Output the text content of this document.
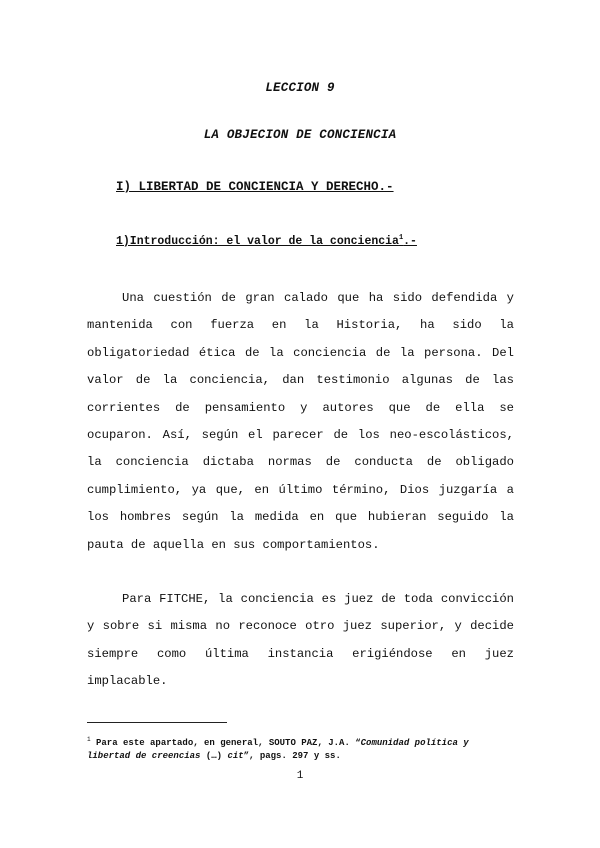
LECCION 9
LA OBJECION DE CONCIENCIA
I) LIBERTAD DE CONCIENCIA Y DERECHO.-
1)Introducción: el valor de la conciencia$^1$.-

Una cuestión de gran calado que ha sido defendida y mantenida con fuerza en la Historia, ha sido la obligatoriedad ética de la conciencia de la persona. Del valor de la conciencia, dan testimonio algunas de las corrientes de pensamiento y autores que de ella se ocuparon. Así, según el parecer de los neo-escolásticos, la conciencia dictaba normas de conducta de obligado cumplimiento, ya que, en último término, Dios juzgaría a los hombres según la medida en que hubieran seguido la pauta de aquella en sus comportamientos.

Para FITCHE, la conciencia es juez de toda convicción y sobre si misma no reconoce otro juez superior, y decide siempre como última instancia erigiéndose en juez implacable.

$^1$ Para este apartado, en general, SOUTO PAZ, J.A. “Comunidad política y libertad de creencias (…) cit”, pags. 297 y ss.

1
